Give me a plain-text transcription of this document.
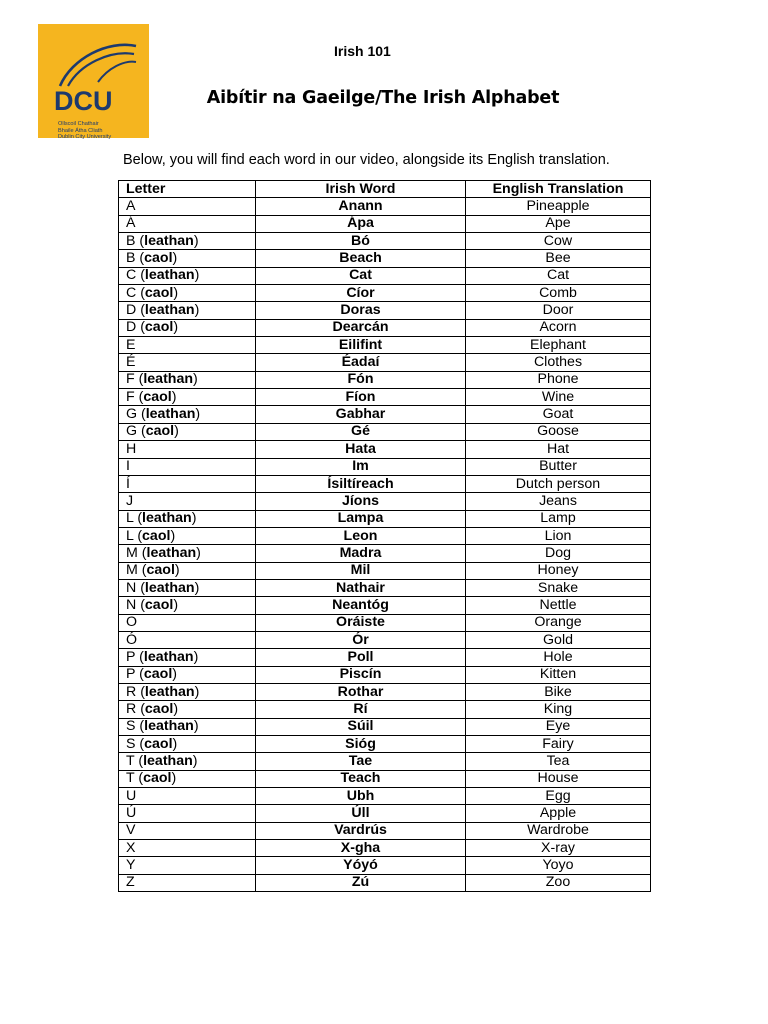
DCU
Ollscoil Chathair
Bhaile Átha Cliath
Dublin City University
Irish 101
Aibítir na Gaeilge/The Irish Alphabet
Below, you will find each word in our video, alongside its English translation.
Letter	Irish Word	English Translation
A	Anann	Pineapple
Á	Ápa	Ape
B (leathan)	Bó	Cow
B (caol)	Beach	Bee
C (leathan)	Cat	Cat
C (caol)	Cíor	Comb
D (leathan)	Doras	Door
D (caol)	Dearcán	Acorn
E	Eilifint	Elephant
É	Éadaí	Clothes
F (leathan)	Fón	Phone
F (caol)	Fíon	Wine
G (leathan)	Gabhar	Goat
G (caol)	Gé	Goose
H	Hata	Hat
I	Im	Butter
Í	Ísiltíreach	Dutch person
J	Jíons	Jeans
L (leathan)	Lampa	Lamp
L (caol)	Leon	Lion
M (leathan)	Madra	Dog
M (caol)	Mil	Honey
N (leathan)	Nathair	Snake
N (caol)	Neantóg	Nettle
O	Oráiste	Orange
Ó	Ór	Gold
P (leathan)	Poll	Hole
P (caol)	Piscín	Kitten
R (leathan)	Rothar	Bike
R (caol)	Rí	King
S (leathan)	Súil	Eye
S (caol)	Sióg	Fairy
T (leathan)	Tae	Tea
T (caol)	Teach	House
U	Ubh	Egg
Ú	Úll	Apple
V	Vardrús	Wardrobe
X	X-gha	X-ray
Y	Yóyó	Yoyo
Z	Zú	Zoo
